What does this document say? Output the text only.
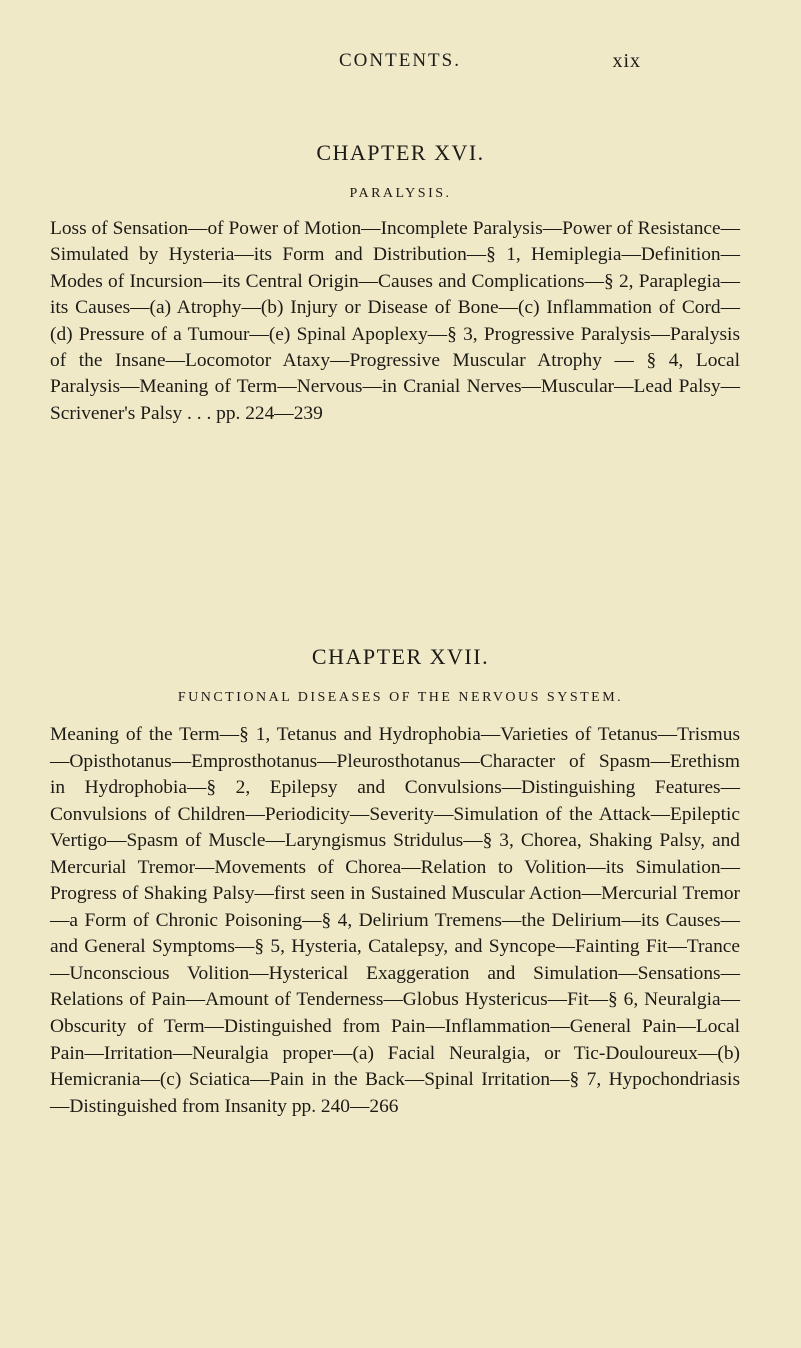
CONTENTS.	xix
CHAPTER XVI.
PARALYSIS.

Loss of Sensation—of Power of Motion—Incomplete Paralysis—Power of Resistance—Simulated by Hysteria—its Form and Distribution—§ 1, Hemiplegia—Definition—Modes of Incursion—its Central Origin—Causes and Complications—§ 2, Paraplegia—its Causes—(a) Atrophy—(b) Injury or Disease of Bone—(c) Inflammation of Cord—(d) Pressure of a Tumour—(e) Spinal Apoplexy—§ 3, Progressive Paralysis—Paralysis of the Insane—Locomotor Ataxy—Progressive Muscular Atrophy — § 4, Local Paralysis—Meaning of Term—Nervous—in Cranial Nerves—Muscular—Lead Palsy—Scrivener's Palsy . . . pp. 224—239

CHAPTER XVII.
FUNCTIONAL DISEASES OF THE NERVOUS SYSTEM.

Meaning of the Term—§ 1, Tetanus and Hydrophobia—Varieties of Tetanus—Trismus—Opisthotanus—Emprosthotanus—Pleurosthotanus—Character of Spasm—Erethism in Hydrophobia—§ 2, Epilepsy and Convulsions—Distinguishing Features—Convulsions of Children—Periodicity—Severity—Simulation of the Attack—Epileptic Vertigo—Spasm of Muscle—Laryngismus Stridulus—§ 3, Chorea, Shaking Palsy, and Mercurial Tremor—Movements of Chorea—Relation to Volition—its Simulation—Progress of Shaking Palsy—first seen in Sustained Muscular Action—Mercurial Tremor—a Form of Chronic Poisoning—§ 4, Delirium Tremens—the Delirium—its Causes—and General Symptoms—§ 5, Hysteria, Catalepsy, and Syncope—Fainting Fit—Trance—Unconscious Volition—Hysterical Exaggeration and Simulation—Sensations—Relations of Pain—Amount of Tenderness—Globus Hystericus—Fit—§ 6, Neuralgia—Obscurity of Term—Distinguished from Pain—Inflammation—General Pain—Local Pain—Irritation—Neuralgia proper—(a) Facial Neuralgia, or Tic-Douloureux—(b) Hemicrania—(c) Sciatica—Pain in the Back—Spinal Irritation—§ 7, Hypochondriasis—Distinguished from Insanity pp. 240—266
